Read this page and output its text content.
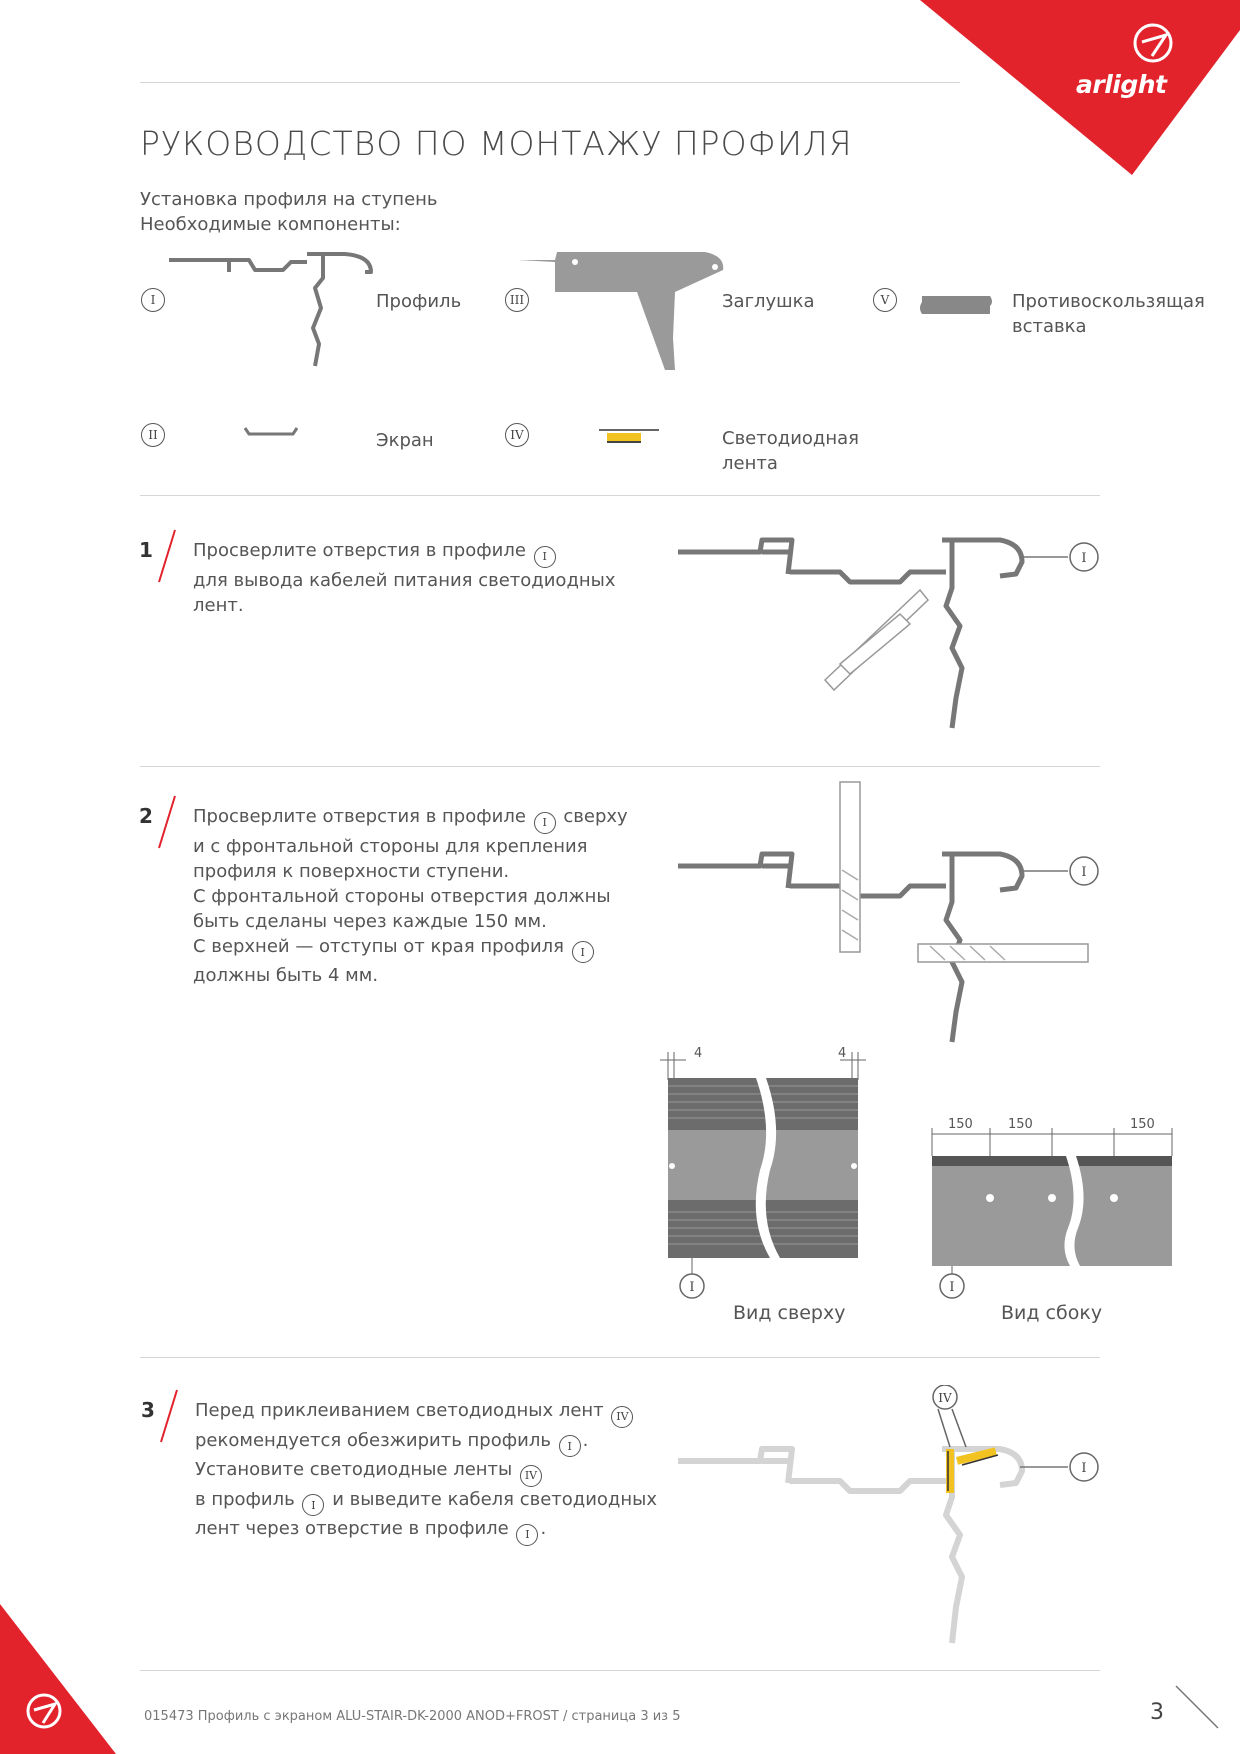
arlight
РУКОВОДСТВО ПО МОНТАЖУ ПРОФИЛЯ
Установка профиля на ступень
Необходимые компоненты:
I	Профиль	III	Заглушка	V	Противоскользящая
вставка
II	Экран	IV	Светодиодная
лента
1 Просверлите отверстия в профиле I
для вывода кабелей питания светодиодных
лент.
I
2 Просверлите отверстия в профиле I сверху
и с фронтальной стороны для крепления
профиля к поверхности ступени.
С фронтальной стороны отверстия должны
быть сделаны через каждые 150 мм.
С верхней — отступы от края профиля I
должны быть 4 мм.
I
4	4
I
Вид сверху
150	150	150
I
Вид сбоку
3 Перед приклеиванием светодиодных лент IV
рекомендуется обезжирить профиль I .
Установите светодиодные ленты IV
в профиль I и выведите кабеля светодиодных
лент через отверстие в профиле I .
IV
I
015473 Профиль с экраном ALU-STAIR-DK-2000 ANOD+FROST / страница 3 из 5	3
